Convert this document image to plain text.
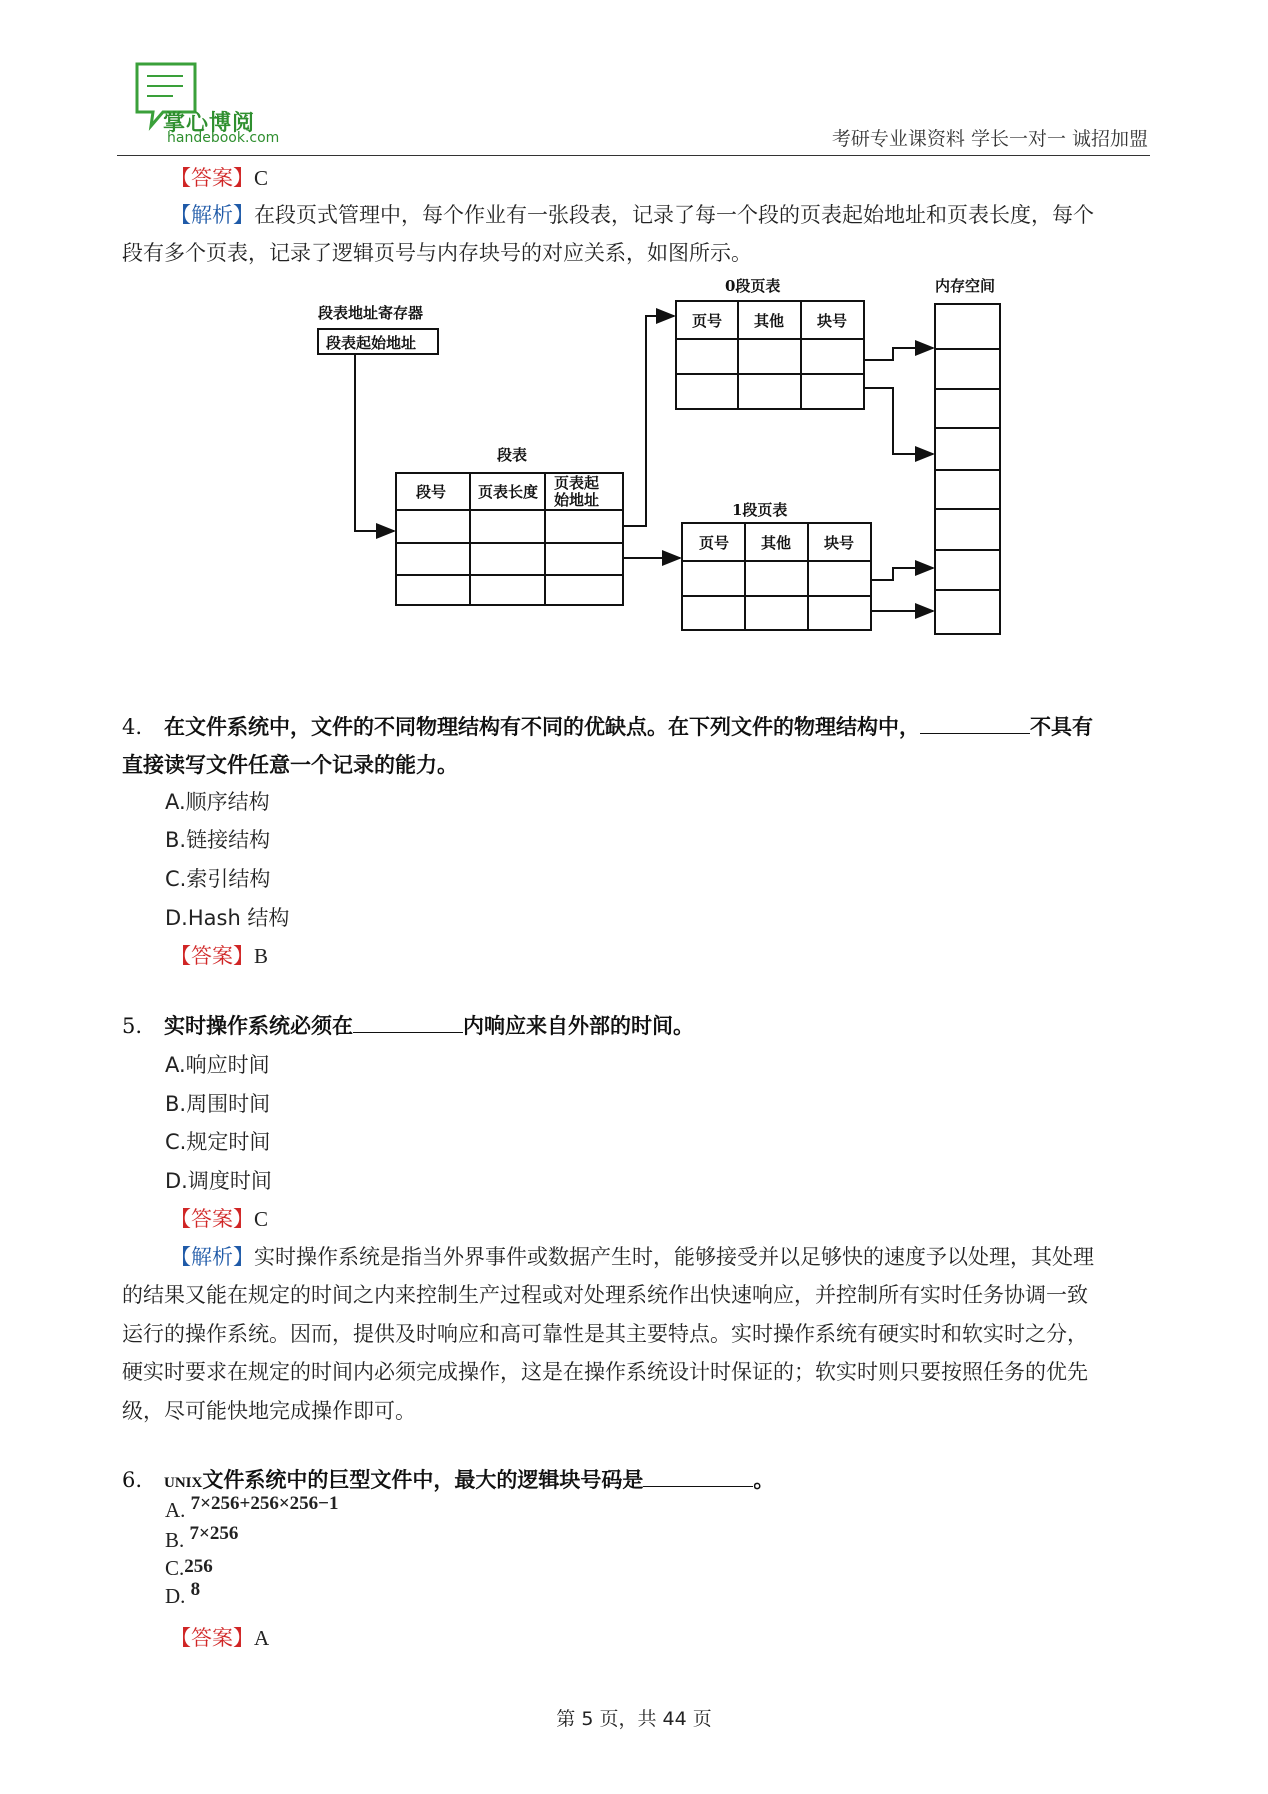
掌心博阅
handebook.com	考研专业课资料 学长一对一 诚招加盟
【答案】C
【解析】在段页式管理中，每个作业有一张段表，记录了每一个段的页表起始地址和页表长度，每个
段有多个页表，记录了逻辑页号与内存块号的对应关系，如图所示。
段表地址寄存器
段表起始地址
段表
段号 页表长度 页表起
始地址
0段页表
页号 其他 块号
1段页表
页号 其他 块号
内存空间
4. 在文件系统中，文件的不同物理结构有不同的优缺点。在下列文件的物理结构中，	不具有
直接读写文件任意一个记录的能力。
A.顺序结构
B.链接结构
C.索引结构
D.Hash 结构
【答案】B
5. 实时操作系统必须在	内响应来自外部的时间。
A.响应时间
B.周围时间
C.规定时间
D.调度时间
【答案】C
【解析】实时操作系统是指当外界事件或数据产生时，能够接受并以足够快的速度予以处理，其处理
的结果又能在规定的时间之内来控制生产过程或对处理系统作出快速响应，并控制所有实时任务协调一致
运行的操作系统。因而，提供及时响应和高可靠性是其主要特点。实时操作系统有硬实时和软实时之分，
硬实时要求在规定的时间内必须完成操作，这是在操作系统设计时保证的；软实时则只要按照任务的优先
级，尽可能快地完成操作即可。
6. UNIX文件系统中的巨型文件中，最大的逻辑块号码是	。
A. 7×256+256×256−1
B. 7×256
C.256
D. 8
【答案】A
第 5 页，共 44 页
